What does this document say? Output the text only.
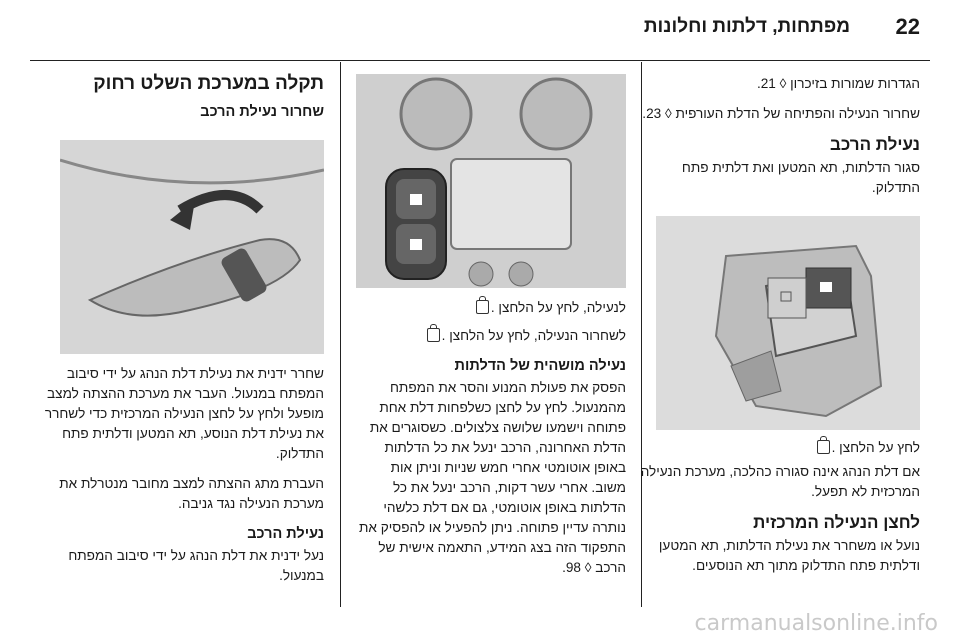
22
מפתחות, דלתות וחלונות

הגדרות שמורות בזיכרון ◊ 21.

שחרור הנעילה והפתיחה של הדלת העורפית ◊ 23.

נעילת הרכב

סגור הדלתות, תא המטען ואת דלתית פתח התדלוק.

לחץ על הלחצן .

אם דלת הנהג אינה סגורה כהלכה, מערכת הנעילה המרכזית לא תפעל.

לחצן הנעילה המרכזית

נועל או משחרר את נעילת הדלתות, תא המטען ודלתית פתח התדלוק מתוך תא הנוסעים.

לנעילה, לחץ על הלחצן .

לשחרור הנעילה, לחץ על הלחצן .

נעילה מושהית של הדלתות

הפסק את פעולת המנוע והסר את המפתח מהמנעול. לחץ על לחצן כשלפחות דלת אחת פתוחה וישמעו שלושה צלצולים. כשסוגרים את הדלת האחרונה, הרכב ינעל את כל הדלתות באופן אוטומטי אחרי חמש שניות וניתן אות משוב. אחרי עשר דקות, הרכב ינעל את כל הדלתות באופן אוטומטי, גם אם דלת כלשהי נותרה עדיין פתוחה. ניתן להפעיל או להפסיק את התפקוד הזה בצג המידע, התאמה אישית של הרכב ◊ 98.

תקלה במערכת השלט רחוק
שחרור נעילת הרכב

שחרר ידנית את נעילת דלת הנהג על ידי סיבוב המפתח במנעול. העבר את מערכת ההצתה למצב מופעל ולחץ על לחצן הנעילה המרכזית כדי לשחרר את נעילת דלת הנוסע, תא המטען ודלתית פתח התדלוק.

העברת מתג ההצתה למצב מחובר מנטרלת את מערכת הנעילה נגד גניבה.

נעילת הרכב

נעל ידנית את דלת הנהג על ידי סיבוב המפתח במנעול.

carmanualsonline.info
